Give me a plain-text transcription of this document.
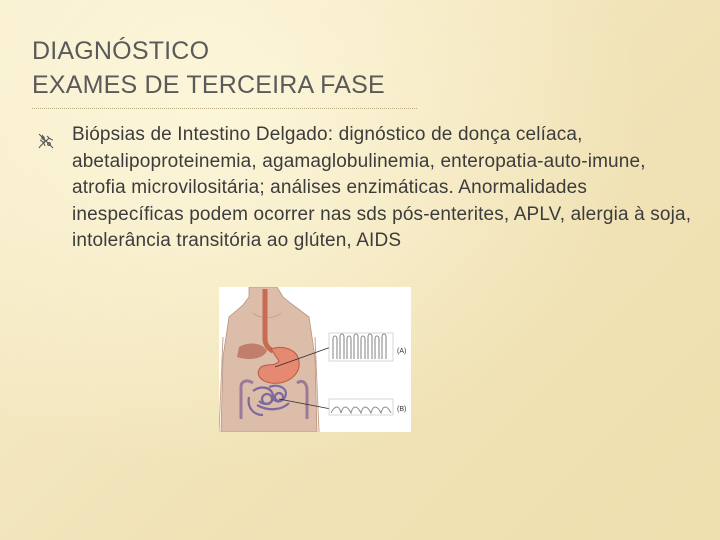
DIAGNÓSTICO
EXAMES DE TERCEIRA FASE
Biópsias de Intestino Delgado: dignóstico de donça celíaca, abetalipoproteinemia, agamaglobulinemia, enteropatia-auto-imune, atrofia microvilositária; análises enzimáticas. Anormalidades inespecíficas podem ocorrer nas sds pós-enterites, APLV, alergia à soja, intolerância transitória ao glúten, AIDS
(A)
(B)
